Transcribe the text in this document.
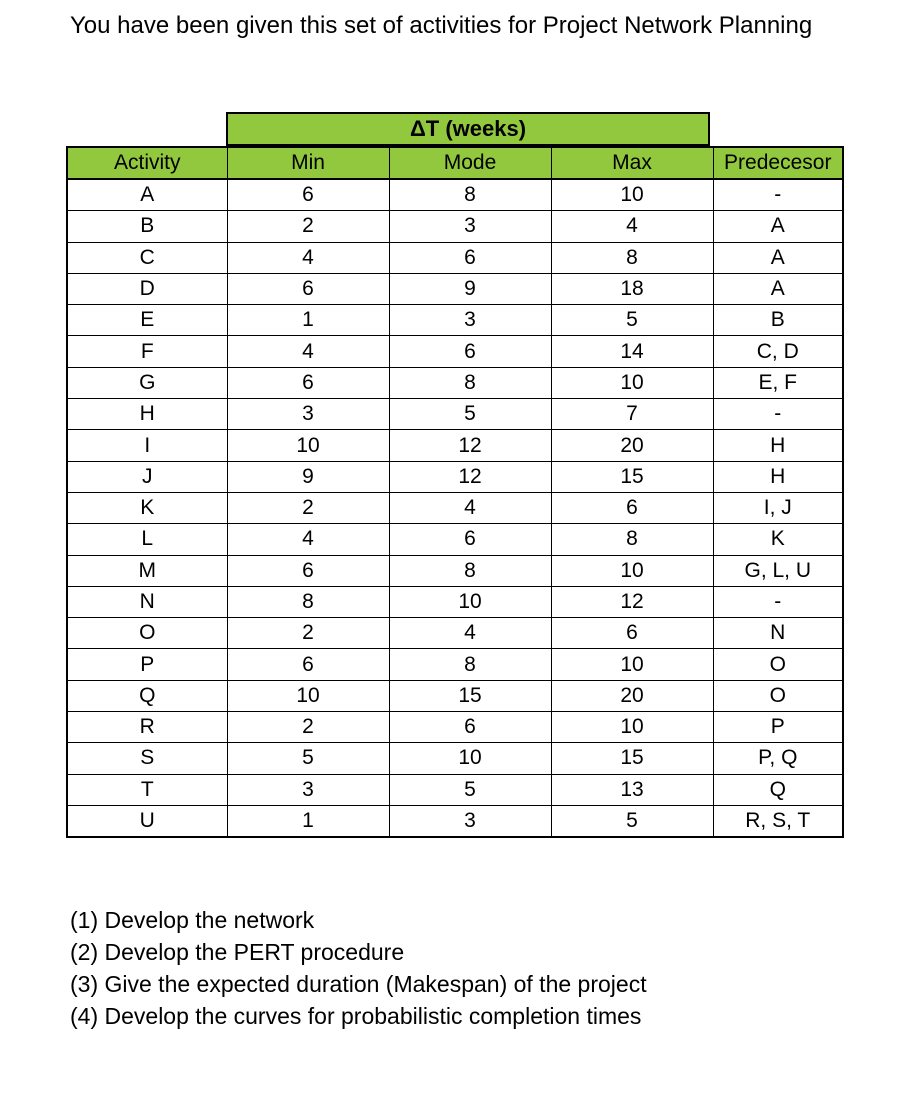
You have been given this set of activities for Project Network Planning
ΔT (weeks)
Activity	Min	Mode	Max	Predecesor
A	6	8	10	-
B	2	3	4	A
C	4	6	8	A
D	6	9	18	A
E	1	3	5	B
F	4	6	14	C, D
G	6	8	10	E, F
H	3	5	7	-
I	10	12	20	H
J	9	12	15	H
K	2	4	6	I, J
L	4	6	8	K
M	6	8	10	G, L, U
N	8	10	12	-
O	2	4	6	N
P	6	8	10	O
Q	10	15	20	O
R	2	6	10	P
S	5	10	15	P, Q
T	3	5	13	Q
U	1	3	5	R, S, T
(1) Develop the network
(2) Develop the PERT procedure
(3) Give the expected duration (Makespan) of the project
(4) Develop the curves for probabilistic completion times
